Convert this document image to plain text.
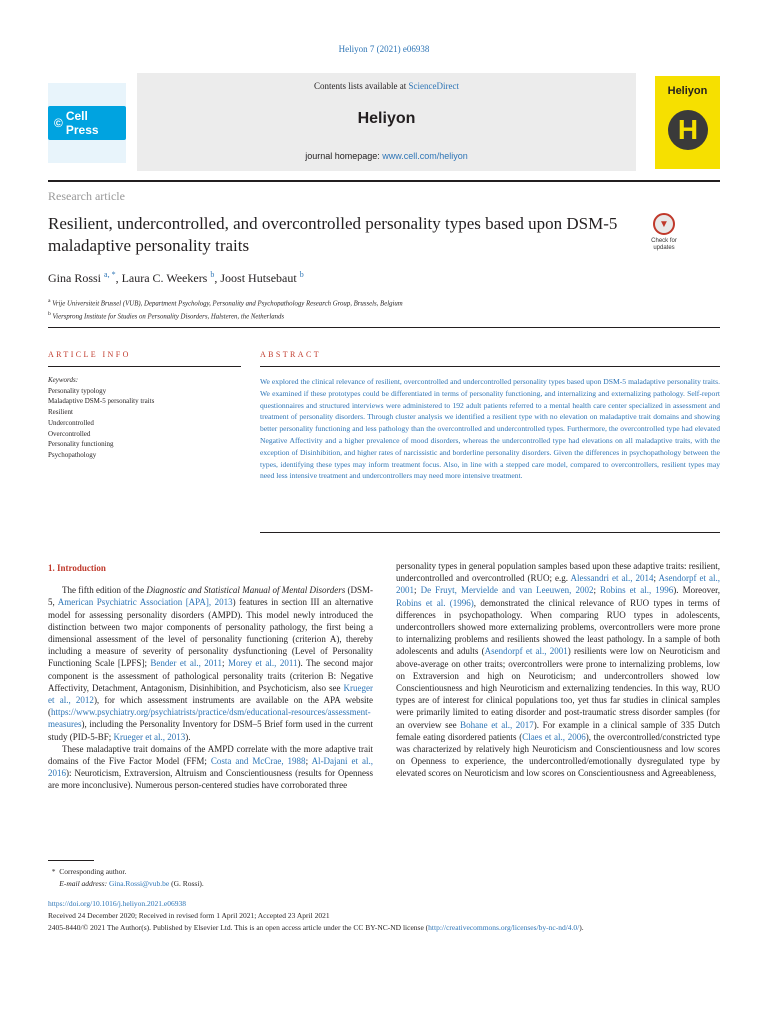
Heliyon 7 (2021) e06938
© Cell Press
Contents lists available at ScienceDirect
Heliyon
journal homepage: www.cell.com/heliyon
Heliyon
H
Research article
Resilient, undercontrolled, and overcontrolled personality types based upon DSM-5 maladaptive personality traits
▼
Check for updates
Gina Rossi $^{a, *}$, Laura C. Weekers $^b$, Joost Hutsebaut $^b$
$^a$ Vrije Universiteit Brussel (VUB), Department Psychology, Personality and Psychopathology Research Group, Brussels, Belgium
$^b$ Viersprong Institute for Studies on Personality Disorders, Halsteren, the Netherlands
ARTICLE INFO	ABSTRACT
Keywords:
Personality typology
Maladaptive DSM-5 personality traits
Resilient
Undercontrolled
Overcontrolled
Personality functioning
Psychopathology
We explored the clinical relevance of resilient, overcontrolled and undercontrolled personality types based upon DSM-5 maladaptive personality traits. We examined if these prototypes could be differentiated in terms of personality functioning, and internalizing and externalizing pathology. Self-report questionnaires and structured interviews were administered to 192 adult patients referred to a mental health care center specialized in assessment and treatment of personality disorders. Through cluster analysis we identified a resilient type with no elevation on maladaptive trait domains and showing better personality functioning and less pathology than the overcontrolled and undercontrolled types. Furthermore, the overcontrolled type had elevated Negative Affectivity and a higher prevalence of mood disorders, whereas the undercontrolled type had elevations on all maladaptive traits, with the exception of Disinhibition, and higher rates of narcissistic and borderline personality disorders. Given the differences in psychopathology between the types, identifying these types may inform treatment focus. Also, in line with a stepped care model, compared to overcontrollers, resilient types may need less intensive treatment and undercontrollers may need more intensive treatment.
1. Introduction

The fifth edition of the Diagnostic and Statistical Manual of Mental Disorders (DSM-5, American Psychiatric Association [APA], 2013) features in section III an alternative model for assessing personality disorders (AMPD). This model newly introduced the distinction between two major components of personality pathology, the first being a dimensional assessment of the level of personality functioning (criterion A), thereby including a measure of severity of personality dysfunctioning (Level of Personality Functioning Scale [LPFS]; Bender et al., 2011; Morey et al., 2011). The second major component is the assessment of pathological personality traits (criterion B: Negative Affectivity, Detachment, Antagonism, Disinhibition, and Psychoticism, also see Krueger et al., 2012), for which assessment instruments are available on the APA website (https://www.psychiatry.org/psychiatrists/practice/dsm/educational-resources/assessment-measures), including the Personality Inventory for DSM–5 Brief form used in the current study (PID-5-BF; Krueger et al., 2013).

These maladaptive trait domains of the AMPD correlate with the more adaptive trait domains of the Five Factor Model (FFM; Costa and McCrae, 1988; Al-Dajani et al., 2016): Neuroticism, Extraversion, Altruism and Conscientiousness (results for Openness are more inconclusive). Numerous person-centered studies have corroborated three

personality types in general population samples based upon these adaptive traits: resilient, undercontrolled and overcontrolled (RUO; e.g. Alessandri et al., 2014; Asendorpf et al., 2001; De Fruyt, Mervielde and van Leeuwen, 2002; Robins et al., 1996). Moreover, Robins et al. (1996), demonstrated the clinical relevance of RUO types in terms of differences in psychopathology. When comparing RUO types in adolescents, undercontrollers showed more externalizing problems, overcontrollers were more prone to internalizing problems and resilients showed the least pathology. In a sample of both adolescents and adults (Asendorpf et al., 2001) resilients were low on Neuroticism and above-average on other traits; overcontrollers were prone to internalizing problems, low on Extraversion and high on Neuroticism; and undercontrollers showed low Conscientiousness and high Neuroticism and externalizing tendencies. In this way, RUO types are of interest for clinical populations too, yet thus far studies in clinical samples were primarily limited to eating disorder and post-traumatic stress disorder samples (for an overview see Bohane et al., 2017). For example in a clinical sample of 335 Dutch female eating disordered patients (Claes et al., 2006), the overcontrolled/constricted type was characterized by relatively high Neuroticism and Conscientiousness and low scores on Openness to experience, the undercontrolled/emotionally dysregulated type by elevated scores on Neuroticism and low scores on Conscientiousness and Agreeableness,

* Corresponding author.
E-mail address: Gina.Rossi@vub.be (G. Rossi).
https://doi.org/10.1016/j.heliyon.2021.e06938
Received 24 December 2020; Received in revised form 1 April 2021; Accepted 23 April 2021
2405-8440/© 2021 The Author(s). Published by Elsevier Ltd. This is an open access article under the CC BY-NC-ND license (http://creativecommons.org/licenses/by-nc-nd/4.0/).
